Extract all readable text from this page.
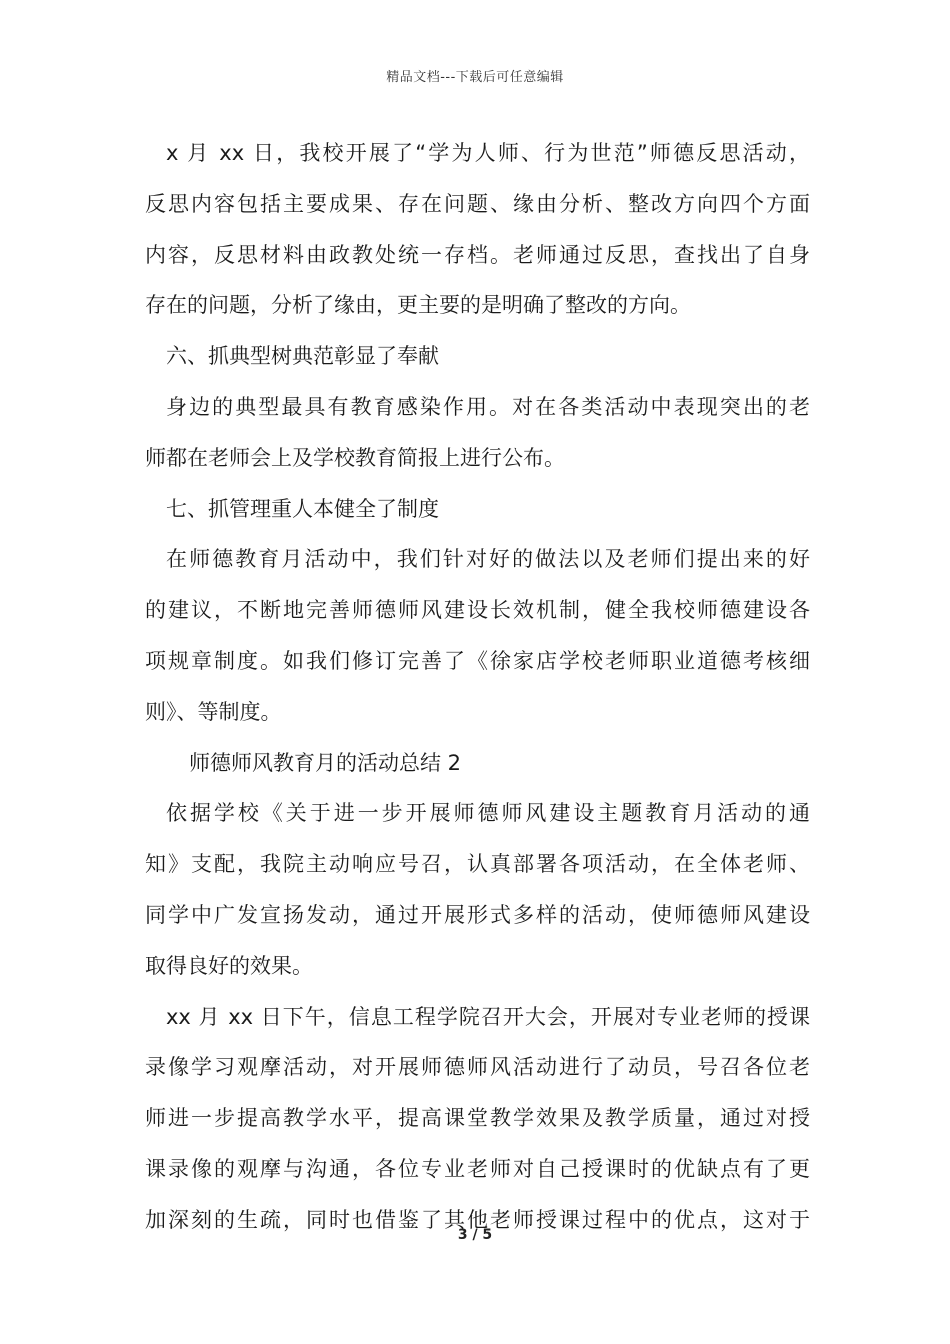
精品文档---下载后可任意编辑
x 月 xx 日，我校开展了“学为人师、行为世范”师德反思活动，
反思内容包括主要成果、存在问题、缘由分析、整改方向四个方面
内容，反思材料由政教处统一存档。老师通过反思，查找出了自身
存在的问题，分析了缘由，更主要的是明确了整改的方向。
六、抓典型树典范彰显了奉献
身边的典型最具有教育感染作用。对在各类活动中表现突出的老
师都在老师会上及学校教育简报上进行公布。
七、抓管理重人本健全了制度
在师德教育月活动中，我们针对好的做法以及老师们提出来的好
的建议，不断地完善师德师风建设长效机制，健全我校师德建设各
项规章制度。如我们修订完善了《徐家店学校老师职业道德考核细
则》、等制度。
师德师风教育月的活动总结 2
依据学校《关于进一步开展师德师风建设主题教育月活动的通
知》支配，我院主动响应号召，认真部署各项活动，在全体老师、
同学中广发宣扬发动，通过开展形式多样的活动，使师德师风建设
取得良好的效果。
xx 月 xx 日下午，信息工程学院召开大会，开展对专业老师的授课
录像学习观摩活动，对开展师德师风活动进行了动员，号召各位老
师进一步提高教学水平，提高课堂教学效果及教学质量，通过对授
课录像的观摩与沟通，各位专业老师对自己授课时的优缺点有了更
加深刻的生疏，同时也借鉴了其他老师授课过程中的优点，这对于
3 / 5
